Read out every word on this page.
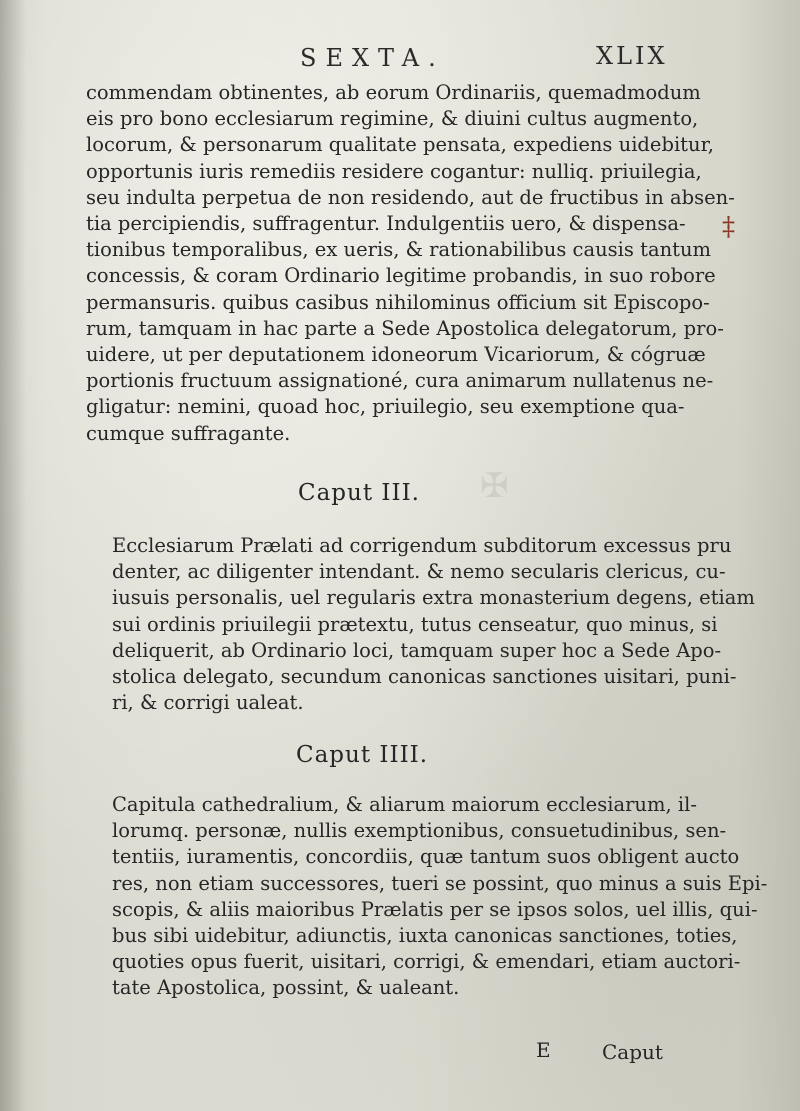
✠
SEXTA.	XLIX
‡
commendam obtinentes, ab eorum Ordinariis, quemadmodum
eis pro bono ecclesiarum regimine, & diuini cultus augmento,
locorum, & personarum qualitate pensata, expediens uidebitur,
opportunis iuris remediis residere cogantur: nulliq. priuilegia,
seu indulta perpetua de non residendo, aut de fructibus in absen-
tia percipiendis, suffragentur. Indulgentiis uero, & dispensa-
tionibus temporalibus, ex ueris, & rationabilibus causis tantum
concessis, & coram Ordinario legitime probandis, in suo robore
permansuris. quibus casibus nihilominus officium sit Episcopo-
rum, tamquam in hac parte a Sede Apostolica delegatorum, pro-
uidere, ut per deputationem idoneorum Vicariorum, & cógruæ
portionis fructuum assignationé, cura animarum nullatenus ne-
gligatur: nemini, quoad hoc, priuilegio, seu exemptione qua-
cumque suffragante.
Caput III.
Ecclesiarum Prælati ad corrigendum subditorum excessus pru
denter, ac diligenter intendant. & nemo secularis clericus, cu-
iusuis personalis, uel regularis extra monasterium degens, etiam
sui ordinis priuilegii prætextu, tutus censeatur, quo minus, si
deliquerit, ab Ordinario loci, tamquam super hoc a Sede Apo-
stolica delegato, secundum canonicas sanctiones uisitari, puni-
ri, & corrigi ualeat.
Caput IIII.
Capitula cathedralium, & aliarum maiorum ecclesiarum, il-
lorumq. personæ, nullis exemptionibus, consuetudinibus, sen-
tentiis, iuramentis, concordiis, quæ tantum suos obligent aucto
res, non etiam successores, tueri se possint, quo minus a suis Epi-
scopis, & aliis maioribus Prælatis per se ipsos solos, uel illis, qui-
bus sibi uidebitur, adiunctis, iuxta canonicas sanctiones, toties,
quoties opus fuerit, uisitari, corrigi, & emendari, etiam auctori-
tate Apostolica, possint, & ualeant.
E	Caput
